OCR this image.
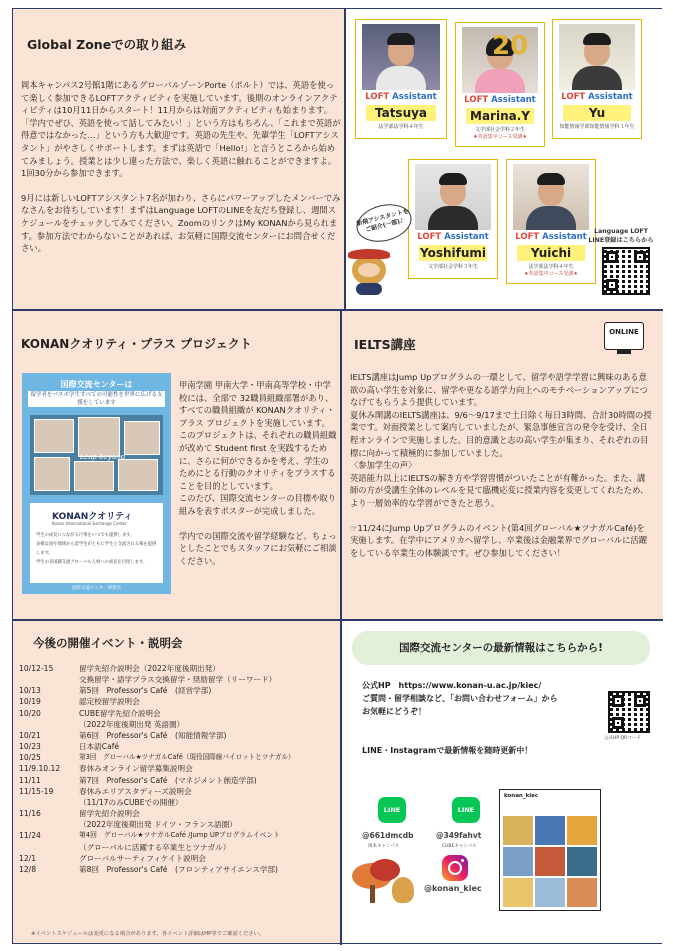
Global Zoneでの取り組み

岡本キャンパス2号館1階にあるグローバルゾーンPorte（ポルト）では、英語を使って楽しく参加できるLOFTアクティビティを実施しています。後期のオンラインアクティビティは10月11日からスタート！11月からは対面アクティビティも始まります。

「学内でぜひ、英語を使って話してみたい！」という方はもちろん、「これまで英語が得意ではなかった…」という方も大歓迎です。英語の先生や、先輩学生「LOFTアシスタント」がやさしくサポートします。まずは英語で「Hello!」と言うところから始めてみましょう。授業とは少し違った方法で、楽しく英語に触れることができますよ。1回30分から参加できます。

9月には新しいLOFTアシスタント7名が加わり、さらにパワーアップしたメンバーでみなさんをお待ちしています！まずはLanguage LOFTのLINEを友だち登録し、週間スケジュールをチェックしてみてください。ZoomのリンクはMy KONANから見られます。参加方法でわからないことがあれば、お気軽に国際交流センターにお問合せください。

LOFT Assistant
Tatsuya
法学部法学科４年生
20
LOFT Assistant
Marina.Y
文学部社会学科２年生
★英語集中コース受講★
LOFT Assistant
Yu
知能情報学部知能情報学科３年生
LOFT Assistant
Yoshifumi
文学部社会学科３年生
LOFT Assistant
Yuichi
法学部法学科４年生
★英語集中コース受講★
新規アシスタントをご紹介(一部)♪	Language LOFT
LINE登録はこちらから
KONANクオリティ・プラス プロジェクト
国際交流センターは
留学者をバスボ学生すべての可能性を世界に広げる支援をしています
Leap beyond
KONANクオリティ
Konan International Exchange Center
学生の成長につながる行事をいつでも提供します。
多様な国や地域から留学生がともに学生と交流される場を提供します。
学生の多国籍交流グローバル人材への成長を目指します。
国際交流センター事務室

甲南学園 甲南大学・甲南高等学校・中学校には、全部で 32職員組織部署があり、すべての職員組織が KONANクオリティ・プラス プロジェクトを実施しています。このプロジェクトは、それぞれの職員組織が改めて Student first を実践するために、さらに何ができるかを考え、学生のためにとる行動のクオリティをプラスすることを目的としています。

このたび、国際交流センターの目標や取り組みを表すポスターが完成しました。

学内での国際交流や留学経験など、ちょっとしたことでもスタッフにお気軽にご相談ください。

IELTS講座
ONLINE

IELTS講座はJump Upプログラムの一環として、留学や語学学習に興味のある意欲の高い学生を対象に、留学や更なる語学力向上へのモチベーションアップにつなげてもらうよう提供しています。

夏休み開講のIELTS講座は、9/6～9/17まで土日除く毎日3時間、合計30時間の授業です。対面授業として案内していましたが、緊急事態宣言の発令を受け、全日程オンラインで実施しました。目的意識と志の高い学生が集まり、それぞれの目標に向かって積極的に参加していました。

〈参加学生の声〉

英語能力以上にIELTSの解き方や学習習慣がついたことが有難かった。また、講師の方が受講生全体のレベルを見て臨機応変に授業内容を変更してくれたため、より一層効率的な学習ができたと思う。

☞11/24にJump Upプログラムのイベント(第4回グローバル★ツナガルCafé)を実施します。在学中にアメリカへ留学し、卒業後は金融業界でグローバルに活躍をしている卒業生の体験談です。ぜひ参加してください！

今後の開催イベント・説明会
10/12-15	留学先紹介説明会（2022年度後期出発）
交換留学・語学プラス交換留学・奨励留学（リーワード）
10/13	第5回　Professor's Café　(経営学部)
10/19	認定校留学説明会
10/20	CUBE留学先紹介説明会
（2022年度後期出発 英語圏）
10/21	第6回　Professor's Café　(知能情報学部)
10/23	日本語Café
10/25	第3回　グローバル★ツナガルCafé（現役国際線パイロットとツナガル）
11/9.10.12	春休みオンライン留学募集説明会
11/11	第7回　Professor's Café　(マネジメント創造学部)
11/15-19	春休みエリアスタディーズ説明会
（11/17のみCUBEでの開催）
11/16	留学先紹介説明会
（2022年度後期出発 ドイツ・フランス語圏）
11/24	第4回　グローバル★ツナガルCafé /Jump UPプログラムイベント
（グローバルに活躍する卒業生とツナガル）
12/1	グローバルサーティフィケイト説明会
12/8	第8回　Professor's Café　(フロンティアサイエンス学部)
※イベントスケジュールは変更になる場合があります。各イベント詳細はHP等でご確認ください。
国際交流センターの最新情報はこちらから!
公式HP　https://www.konan-u.ac.jp/kiec/
ご質問・留学相談など、「お問い合わせフォーム」から
お気軽にどうぞ！
LINE・Instagramで最新情報を随時更新中！
公式HP QRコード
LINE
@661dmcdb
岡本キャンパス
LINE
@349fahvt
CUBEキャンパス
@konan_kiec
konan_kiec
